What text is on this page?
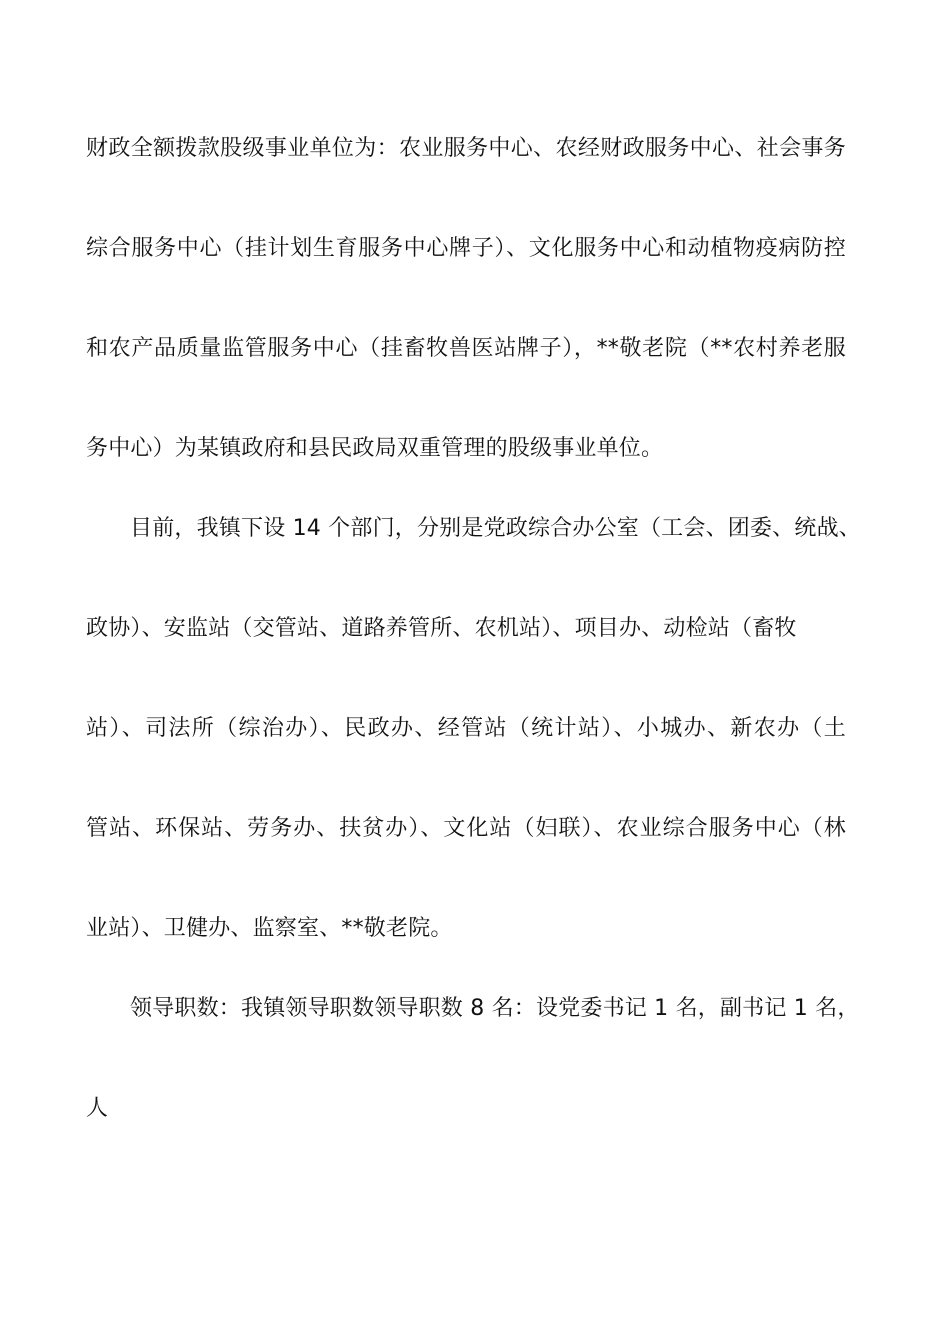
财政全额拨款股级事业单位为：农业服务中心、农经财政服务中心、社会事务
综合服务中心（挂计划生育服务中心牌子）、文化服务中心和动植物疫病防控
和农产品质量监管服务中心（挂畜牧兽医站牌子），**敬老院（**农村养老服
务中心）为某镇政府和县民政局双重管理的股级事业单位。
目前，我镇下设 14 个部门，分别是党政综合办公室（工会、团委、统战、
政协）、安监站（交管站、道路养管所、农机站）、项目办、动检站（畜牧
站）、司法所（综治办）、民政办、经管站（统计站）、小城办、新农办（土
管站、环保站、劳务办、扶贫办）、文化站（妇联）、农业综合服务中心（林
业站）、卫健办、监察室、**敬老院。
领导职数：我镇领导职数领导职数 8 名：设党委书记 1 名，副书记 1 名，
人
